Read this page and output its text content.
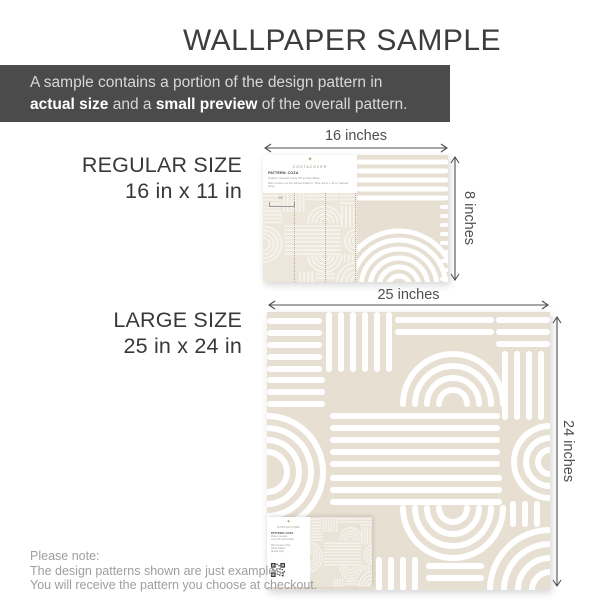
WALLPAPER SAMPLE
A sample contains a portion of the design pattern in
actual size and a small preview of the overall pattern.
REGULAR SIZE
16 in x 11 in
16 inches
✦
COSTACOVER
PATTERN: COZA
Pattern repeats every 25 inches Wide
Mini version of the whole Pattern. Size 16 in x 11 in (actual size)
25"	8 inches
LARGE SIZE
25 in x 24 in
25 inches
✦
COSTACOVER
PATTERN: COZA
Pattern repeats
every 25 inches Wide
Mini version of the
whole Pattern
(actual size)
24 inches
Please note:
The design patterns shown are just examples.
You will receive the pattern you choose at checkout.
